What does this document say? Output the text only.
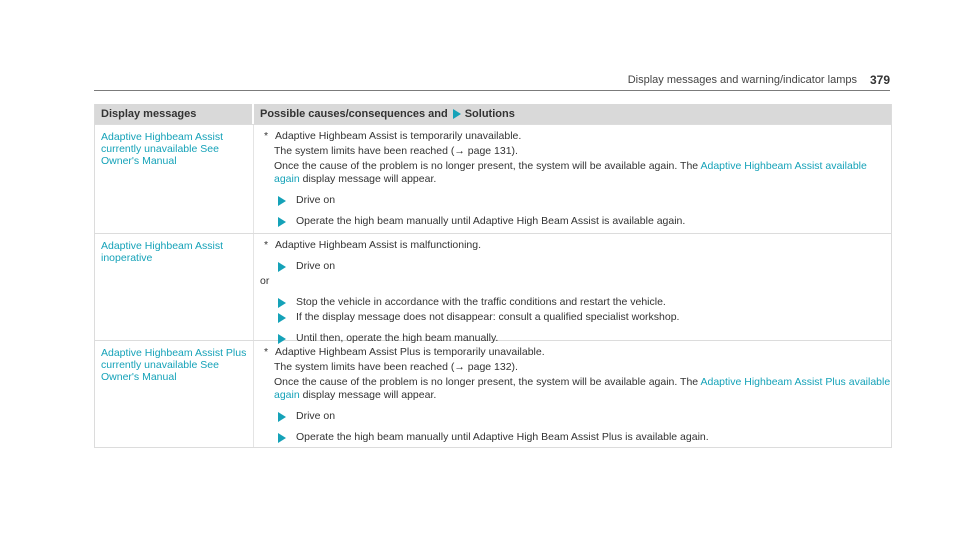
Display messages and warning/indicator lamps 379
Display messages	Possible causes/consequences and Solutions
Adaptive Highbeam Assist currently unavailable See Owner's Manual
* Adaptive Highbeam Assist is temporarily unavailable.
The system limits have been reached (→ page 131).
Once the cause of the problem is no longer present, the system will be available again. The Adaptive Highbeam Assist available again display message will appear.
Drive on
Operate the high beam manually until Adaptive High Beam Assist is available again.
Adaptive Highbeam Assist inoperative
* Adaptive Highbeam Assist is malfunctioning.
Drive on
or
Stop the vehicle in accordance with the traffic conditions and restart the vehicle.
If the display message does not disappear: consult a qualified specialist workshop.
Until then, operate the high beam manually.
Adaptive Highbeam Assist Plus currently unavailable See Owner's Manual
* Adaptive Highbeam Assist Plus is temporarily unavailable.
The system limits have been reached (→ page 132).
Once the cause of the problem is no longer present, the system will be available again. The Adaptive Highbeam Assist Plus available again display message will appear.
Drive on
Operate the high beam manually until Adaptive High Beam Assist Plus is available again.
